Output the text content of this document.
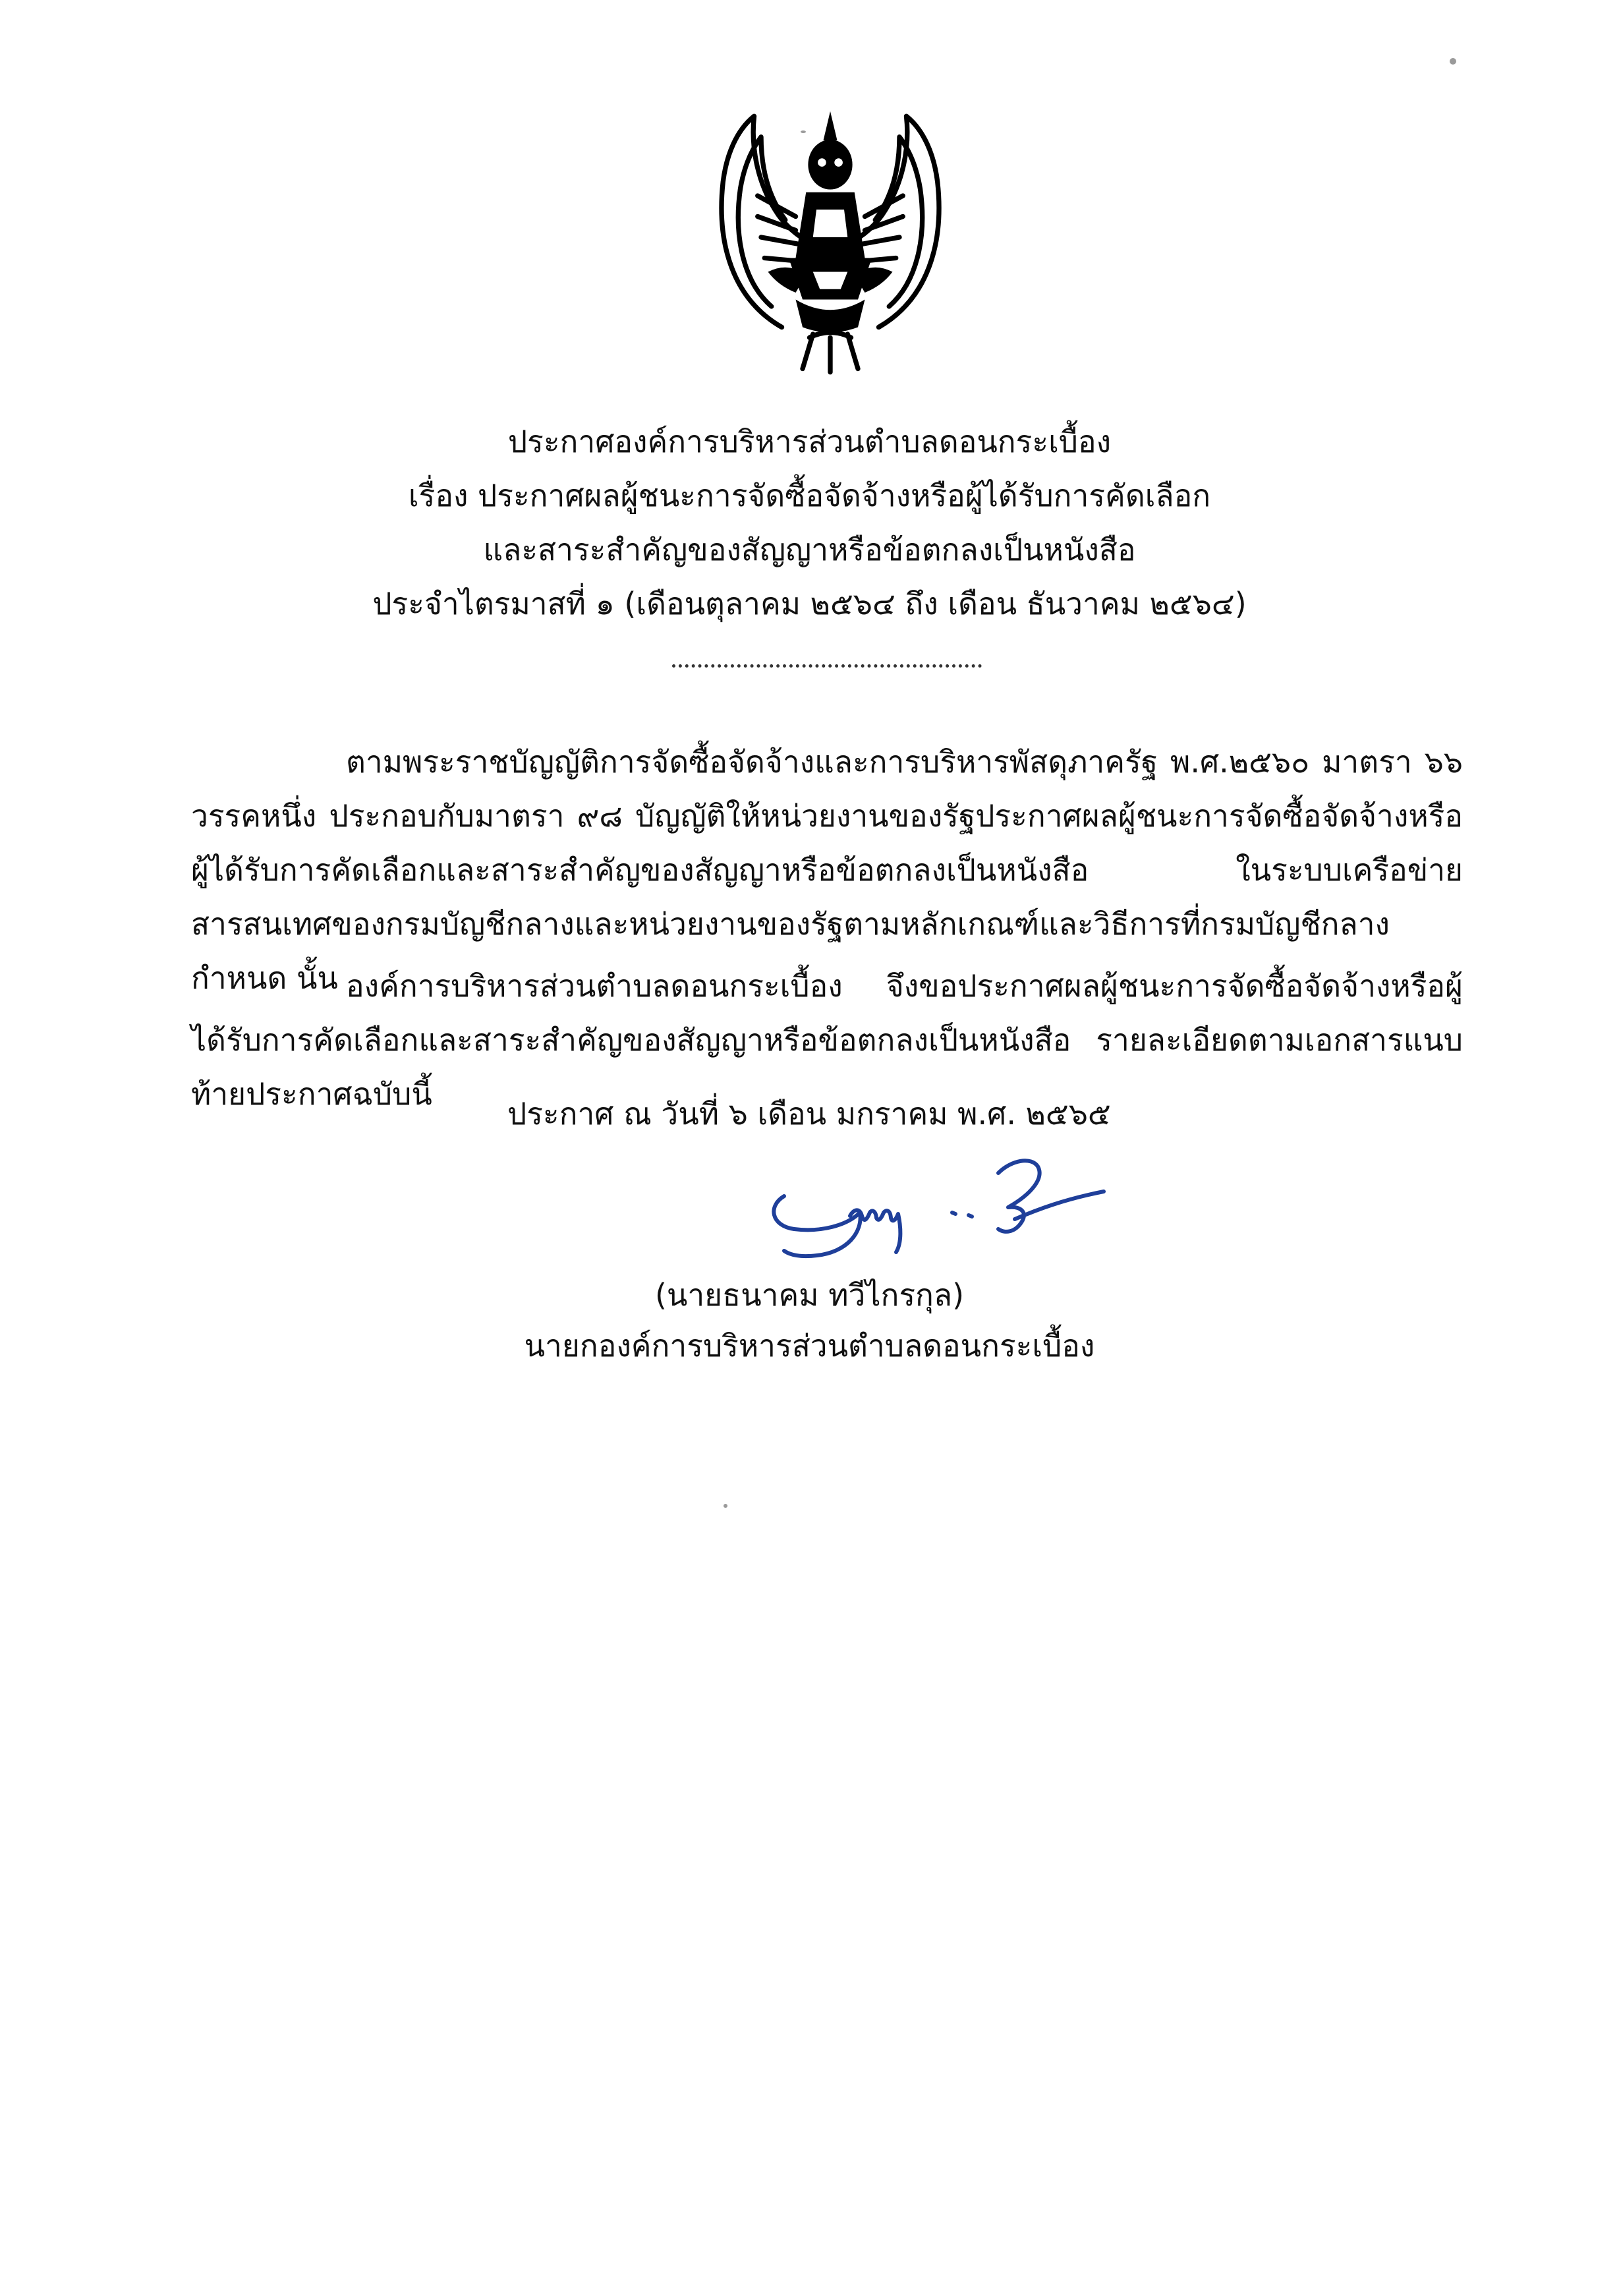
ประกาศองค์การบริหารส่วนตำบลดอนกระเบื้อง
เรื่อง ประกาศผลผู้ชนะการจัดซื้อจัดจ้างหรือผู้ได้รับการคัดเลือก
และสาระสำคัญของสัญญาหรือข้อตกลงเป็นหนังสือ
ประจำไตรมาสที่ ๑ (เดือนตุลาคม ๒๕๖๔ ถึง เดือน ธันวาคม ๒๕๖๔)
ตามพระราชบัญญัติการจัดซื้อจัดจ้างและการบริหารพัสดุภาครัฐ พ.ศ.๒๕๖๐ มาตรา ๖๖ วรรคหนึ่ง ประกอบกับมาตรา ๙๘ บัญญัติให้หน่วยงานของรัฐประกาศผลผู้ชนะการจัดซื้อจัดจ้างหรือผู้ได้รับการคัดเลือกและสาระสำคัญของสัญญาหรือข้อตกลงเป็นหนังสือ ในระบบเครือข่ายสารสนเทศของกรมบัญชีกลางและหน่วยงานของรัฐตามหลักเกณฑ์และวิธีการที่กรมบัญชีกลางกำหนด นั้น องค์การบริหารส่วนตำบลดอนกระเบื้อง จึงขอประกาศผลผู้ชนะการจัดซื้อจัดจ้างหรือผู้ได้รับการคัดเลือกและสาระสำคัญของสัญญาหรือข้อตกลงเป็นหนังสือ รายละเอียดตามเอกสารแนบท้ายประกาศฉบับนี้
ประกาศ ณ วันที่ ๖ เดือน มกราคม พ.ศ. ๒๕๖๕
(นายธนาคม ทวีไกรกุล)
นายกองค์การบริหารส่วนตำบลดอนกระเบื้อง
